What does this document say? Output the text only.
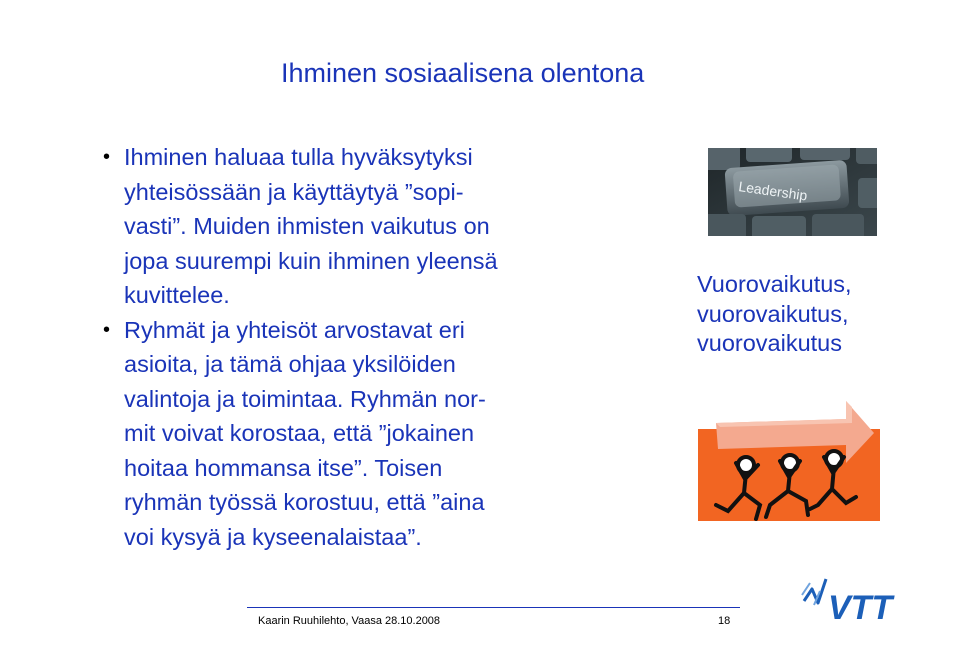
Ihminen sosiaalisena olentona
• Ihminen haluaa tulla hyväksytyksi
yhteisössään ja käyttäytyä ”sopi-
vasti”. Muiden ihmisten vaikutus on
jopa suurempi kuin ihminen yleensä
kuvittelee.
• Ryhmät ja yhteisöt arvostavat eri
asioita, ja tämä ohjaa yksilöiden
valintoja ja toimintaa. Ryhmän nor-
mit voivat korostaa, että ”jokainen
hoitaa hommansa itse”. Toisen
ryhmän työssä korostuu, että ”aina
voi kysyä ja kyseenalaistaa”.
Leadership
Vuorovaikutus,
vuorovaikutus,
vuorovaikutus
Kaarin Ruuhilehto, Vaasa 28.10.2008	18	VTT
